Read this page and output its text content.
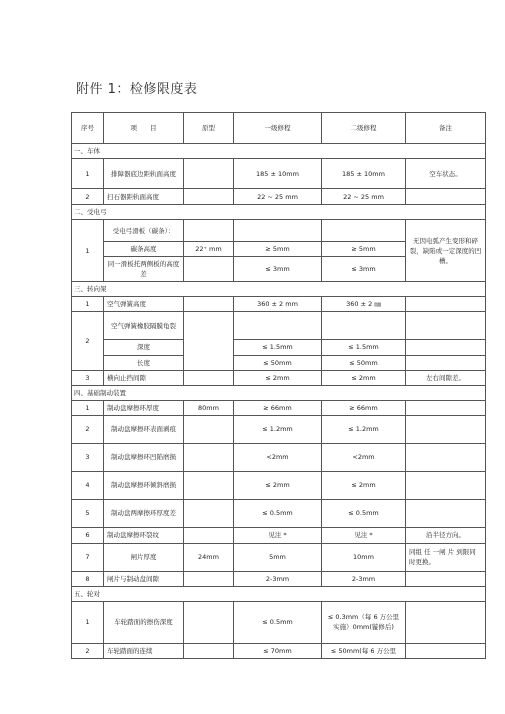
附件 1：检修限度表
序号	项　　目	原型	一级修程	二级修程	备注
一、车体					
1	排障器底边距轨面高度		185 ± 10mm	185 ± 10mm	空车状态。
2	扫石器距轨面高度		22 ~ 25 mm	22 ~ 25 mm	
二、受电弓					
1	受电弓滑板（碳条）：				无因电弧产生变形和碎裂，缺陷或一定深度的凹槽。
	碳条高度	22⁺ mm	≥ 5mm	≥ 5mm	
	同一滑板托两侧板的高度差		≤ 3mm	≤ 3mm	
三、转向架					
1	空气弹簧高度		360 ± 2 mm	360 ± 2 ㎜	
2	空气弹簧橡胶隔膜龟裂				
	深度		≤ 1.5mm	≤ 1.5mm	
	长度		≤ 50mm	≤ 50mm	
3	横向止挡间隙		≤ 2mm	≤ 2mm	左右间隙差。
四、基础制动装置					
1	制动盘摩擦环厚度	80mm	≥ 66mm	≥ 66mm	
2	制动盘摩擦环表面剥痕		≤ 1.2mm	≤ 1.2mm	
3	制动盘摩擦环凹陷磨损		<2mm	<2mm	
4	制动盘摩擦环倾斜磨损		≤ 2mm	≤ 2mm	
5	制动盘两摩擦环厚度差		≤ 0.5mm	≤ 0.5mm	
6	制动盘摩擦环裂纹		见注 *	见注 *	沿半径方向。
7	闸片厚度	24mm	5mm	10mm	同组 任 一闸 片 到限同时更换。
8	闸片与制动盘间隙		2-3mm	2-3mm	
五、轮对					
1	车轮踏面的擦伤深度		≤ 0.5mm	≤ 0.3mm（每 6 万公里实施）0mm(镟修后)	
2	车轮踏面的连续		≤ 70mm	≤ 50mm(每 6 万公里	
